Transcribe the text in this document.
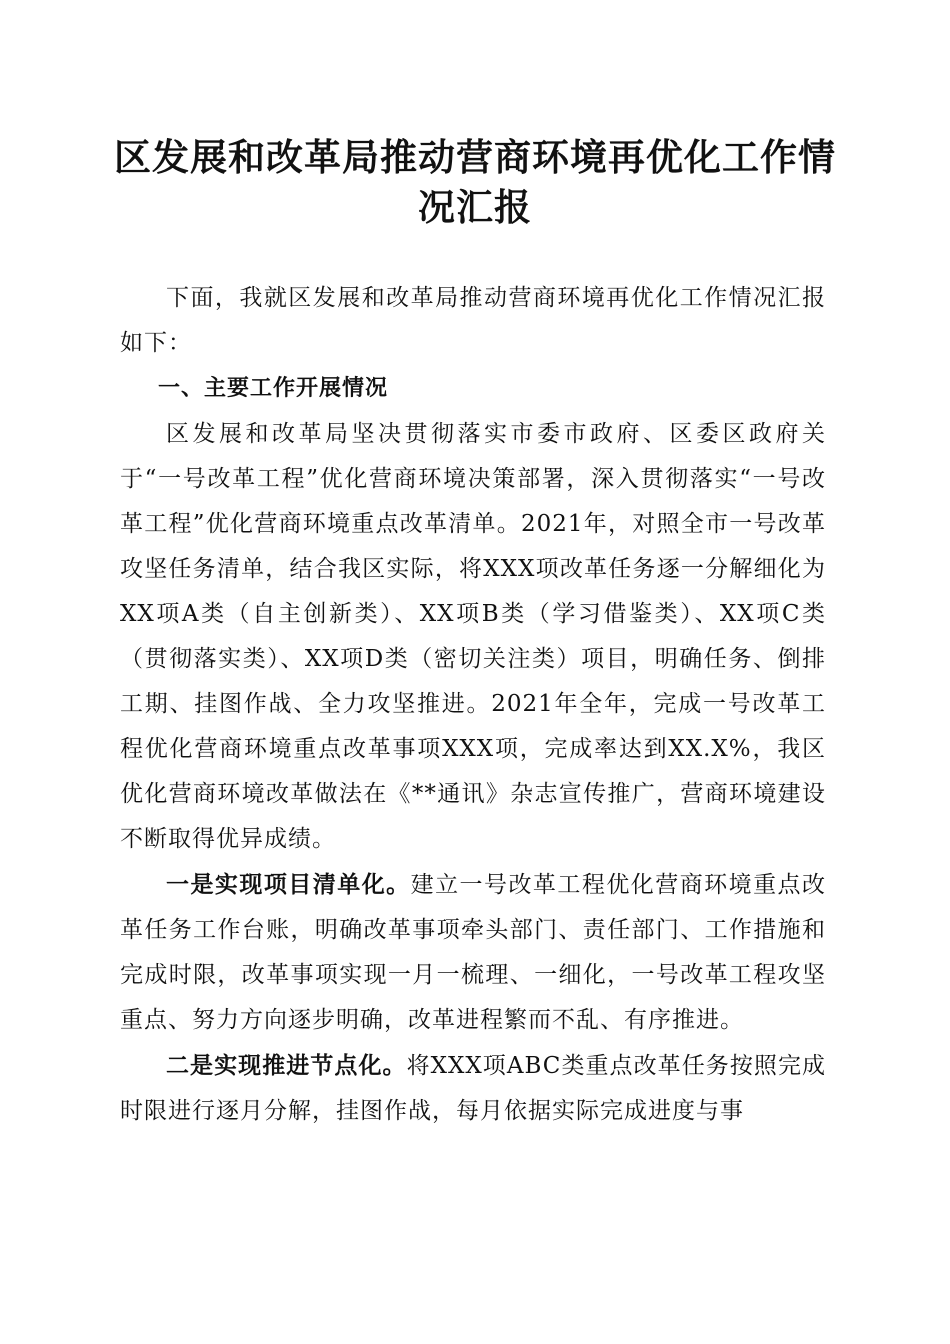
区发展和改革局推动营商环境再优化工作情况汇报

下面，我就区发展和改革局推动营商环境再优化工作情况汇报如下：

一、主要工作开展情况

区发展和改革局坚决贯彻落实市委市政府、区委区政府关于“一号改革工程”优化营商环境决策部署，深入贯彻落实“一号改革工程”优化营商环境重点改革清单。2021年，对照全市一号改革攻坚任务清单，结合我区实际，将XXX项改革任务逐一分解细化为XX项A类（自主创新类）、XX项B类（学习借鉴类）、XX项C类（贯彻落实类）、XX项D类（密切关注类）项目，明确任务、倒排工期、挂图作战、全力攻坚推进。2021年全年，完成一号改革工程优化营商环境重点改革事项XXX项，完成率达到XX.X%，我区优化营商环境改革做法在《**通讯》杂志宣传推广，营商环境建设不断取得优异成绩。

一是实现项目清单化。建立一号改革工程优化营商环境重点改革任务工作台账，明确改革事项牵头部门、责任部门、工作措施和完成时限，改革事项实现一月一梳理、一细化，一号改革工程攻坚重点、努力方向逐步明确，改革进程繁而不乱、有序推进。

二是实现推进节点化。将XXX项ABC类重点改革任务按照完成时限进行逐月分解，挂图作战，每月依据实际完成进度与事
